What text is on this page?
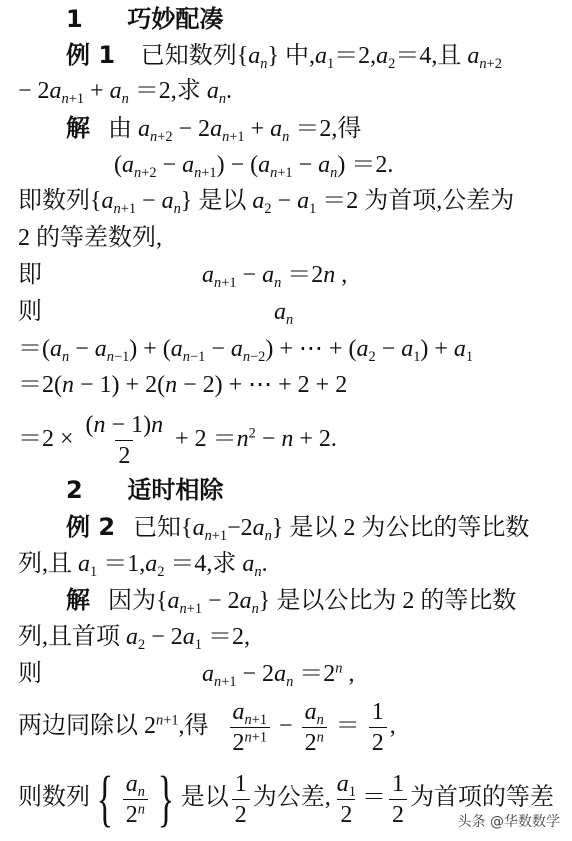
1 巧妙配凑
例 1    已知数列$\{a_n\}$ 中$,a_1=2,a_2=4$,且 $a_{n+2}$
− $2a_{n+1} + a_n =2$,求 $a_n$.
解   由 $a_{n+2} - 2a_{n+1} + a_n =2$,得
$(a_{n+2} - a_{n+1}) - (a_{n+1} - a_n) =2$.
即数列$\{a_{n+1} - a_n\}$ 是以 $a_2 - a_1 =2$ 为首项,公差为
2 的等差数列,
即	$a_{n+1} - a_n =2n$ ,
则	$a_n$
$=(a_n - a_{n-1}) + (a_{n-1} - a_{n-2})$ + ⋯ + $(a_2 - a_1) + a_1$
＝2(n − 1) + 2(n − 2) + ⋯ + 2 + 2
$=2 \times \frac{(n - 1)n}{2} + 2 =n^2 - n + 2$.
2 适时相除
例 2   已知$\{a_{n+1}-2a_n\}$ 是以 2 为公比的等比数
列,且 $a_1 =1,a_2 =4$,求 $a_n$.
解   因为$\{a_{n+1} - 2a_n\}$ 是以公比为 2 的等比数
列,且首项 $a_2 - 2a_1 =2$,
则	$a_{n+1} - 2a_n =2^n$ ,
两边同除以 $2^{n+1}$,得 $\frac{a_{n+1}}{2^{n+1}} - \frac{a_n}{2^n} = \frac{1}{2}$ ,
则数列 { $\frac{a_n}{2^n}$ } 是以 $\frac{1}{2}$ 为公差, $\frac{a_1}{2} = \frac{1}{2}$ 为首项的等差
头条 @华数数学
